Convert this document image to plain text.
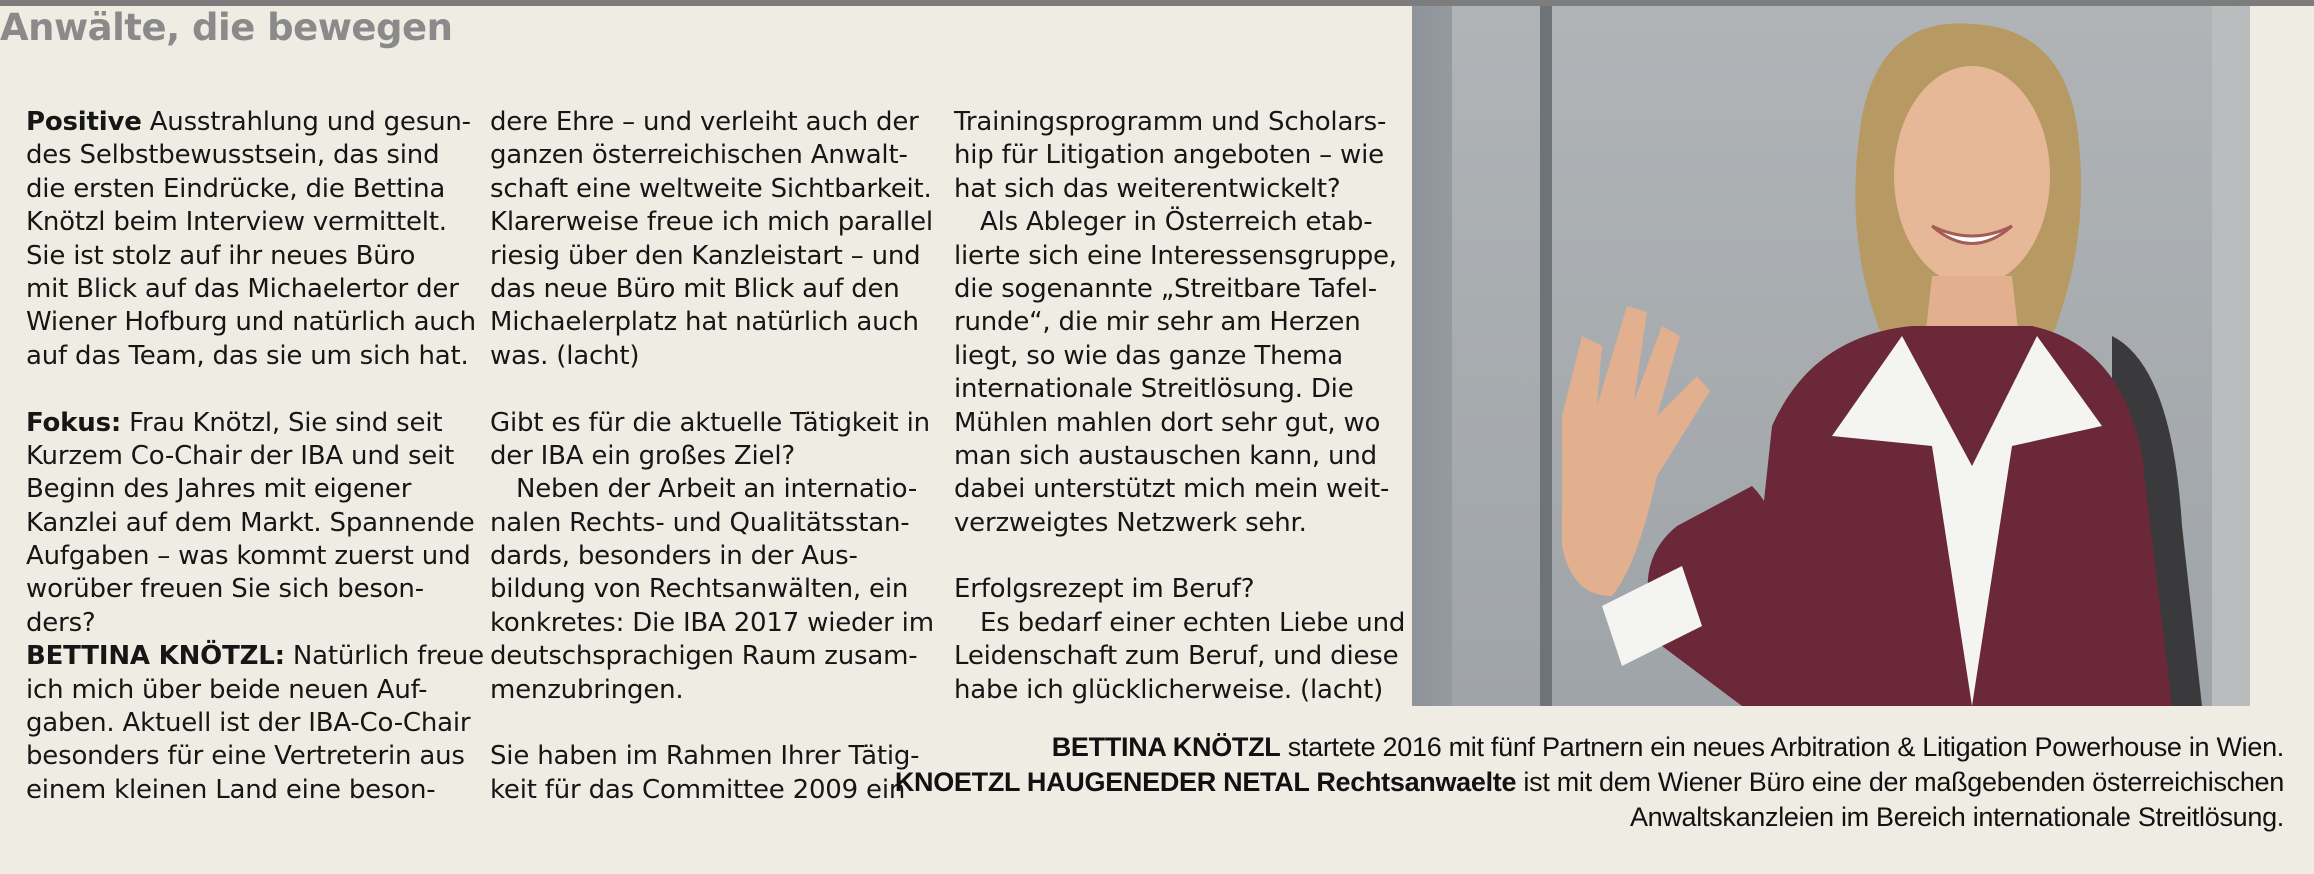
Anwälte, die bewegen
Positive Ausstrahlung und gesun-
des Selbstbewusstsein, das sind
die ersten Eindrücke, die Bettina
Knötzl beim Interview vermittelt.
Sie ist stolz auf ihr neues Büro
mit Blick auf das Michaelertor der
Wiener Hofburg und natürlich auch
auf das Team, das sie um sich hat.
Fokus: Frau Knötzl, Sie sind seit
Kurzem Co-Chair der IBA und seit
Beginn des Jahres mit eigener
Kanzlei auf dem Markt. Spannende
Aufgaben – was kommt zuerst und
worüber freuen Sie sich beson-
ders?
BETTINA KNÖTZL: Natürlich freue
ich mich über beide neuen Auf-
gaben. Aktuell ist der IBA-Co-Chair
besonders für eine Vertreterin aus
einem kleinen Land eine beson-
dere Ehre – und verleiht auch der
ganzen österreichischen Anwalt-
schaft eine weltweite Sichtbarkeit.
Klarerweise freue ich mich parallel
riesig über den Kanzleistart – und
das neue Büro mit Blick auf den
Michaelerplatz hat natürlich auch
was. (lacht)
Gibt es für die aktuelle Tätigkeit in
der IBA ein großes Ziel?
Neben der Arbeit an internatio-
nalen Rechts- und Qualitätsstan-
dards, besonders in der Aus-
bildung von Rechtsanwälten, ein
konkretes: Die IBA 2017 wieder im
deutschsprachigen Raum zusam-
menzubringen.
Sie haben im Rahmen Ihrer Tätig-
keit für das Committee 2009 ein
Trainingsprogramm und Scholars-
hip für Litigation angeboten – wie
hat sich das weiterentwickelt?
Als Ableger in Österreich etab-
lierte sich eine Interessensgruppe,
die sogenannte „Streitbare Tafel-
runde“, die mir sehr am Herzen
liegt, so wie das ganze Thema
internationale Streitlösung. Die
Mühlen mahlen dort sehr gut, wo
man sich austauschen kann, und
dabei unterstützt mich mein weit-
verzweigtes Netzwerk sehr.
Erfolgsrezept im Beruf?
Es bedarf einer echten Liebe und
Leidenschaft zum Beruf, und diese
habe ich glücklicherweise. (lacht)
BETTINA KNÖTZL startete 2016 mit fünf Partnern ein neues Arbitration & Litigation Powerhouse in Wien.
KNOETZL HAUGENEDER NETAL Rechtsanwaelte ist mit dem Wiener Büro eine der maßgebenden österreichischen
Anwaltskanzleien im Bereich internationale Streitlösung.
